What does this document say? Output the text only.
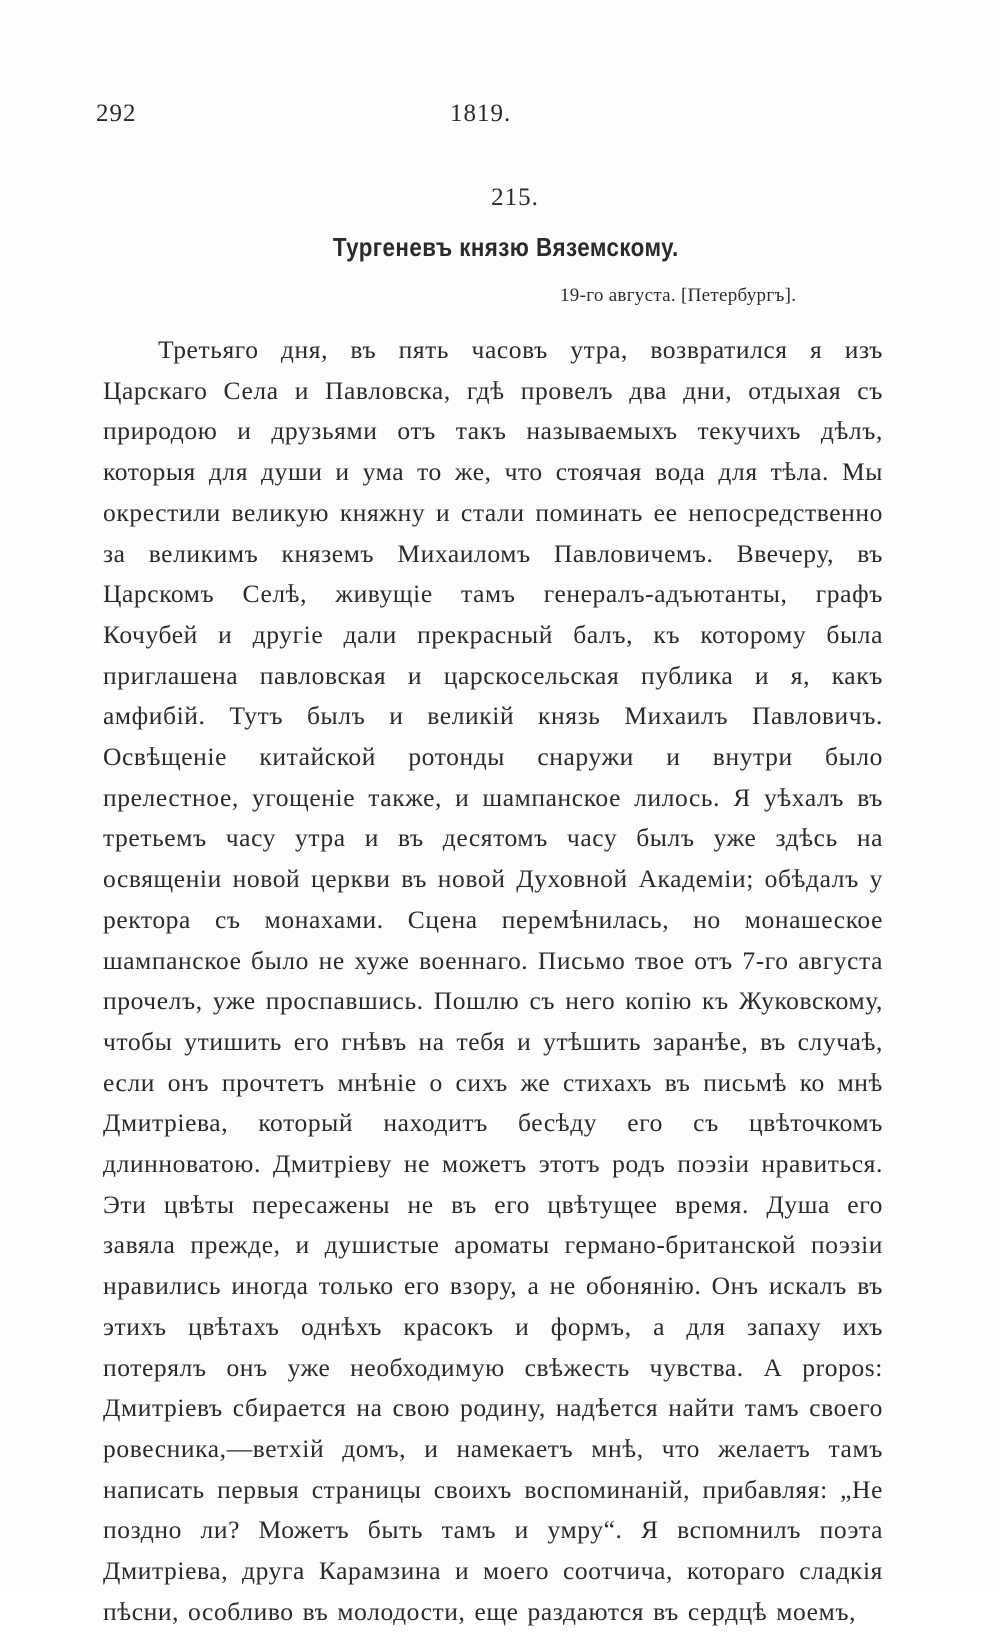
292	1819.
215.
Тургеневъ князю Вяземскому.
19-го августа. [Петербургъ].

Третьяго дня, въ пять часовъ утра, возвратился я изъ Царскаго Села и Павловска, гдѣ провелъ два дни, отдыхая съ природою и друзьями отъ такъ называемыхъ текучихъ дѣлъ, которыя для души и ума то же, что стоячая вода для тѣла. Мы окрестили великую княжну и стали поминать ее непосредственно за великимъ княземъ Михаиломъ Павловичемъ. Ввечеру, въ Царскомъ Селѣ, живущіе тамъ генералъ-адъютанты, графъ Кочубей и другіе дали прекрасный балъ, къ которому была приглашена павловская и царскосельская публика и я, какъ амфибій. Тутъ былъ и великій князь Михаилъ Павловичъ. Освѣщеніе китайской ротонды снаружи и внутри было прелестное, угощеніе также, и шампанское лилось. Я уѣхалъ въ третьемъ часу утра и въ десятомъ часу былъ уже здѣсь на освященіи новой церкви въ новой Духовной Академіи; обѣдалъ у ректора съ монахами. Сцена перемѣнилась, но монашеское шампанское было не хуже военнаго. Письмо твое отъ 7-го августа прочелъ, уже проспавшись. Пошлю съ него копію къ Жуковскому, чтобы утишить его гнѣвъ на тебя и утѣшить заранѣе, въ случаѣ, если онъ прочтетъ мнѣніе о сихъ же стихахъ въ письмѣ ко мнѣ Дмитріева, который находитъ бесѣду его съ цвѣточкомъ длинноватою. Дмитріеву не можетъ этотъ родъ поэзіи нравиться. Эти цвѣты пересажены не въ его цвѣтущее время. Душа его завяла прежде, и душистые ароматы германо-британской поэзіи нравились иногда только его взору, а не обонянію. Онъ искалъ въ этихъ цвѣтахъ однѣхъ красокъ и формъ, а для запаху ихъ потерялъ онъ уже необходимую свѣжесть чувства. А propos: Дмитріевъ сбирается на свою родину, надѣется найти тамъ своего ровесника,—ветхій домъ, и намекаетъ мнѣ, что желаетъ тамъ написать первыя страницы своихъ воспоминаній, прибавляя: „Не поздно ли? Можетъ быть тамъ и умру“. Я вспомнилъ поэта Дмитріева, друга Карамзина и моего соотчича, котораго сладкія пѣсни, особливо въ молодости, еще раздаются въ сердцѣ моемъ,
